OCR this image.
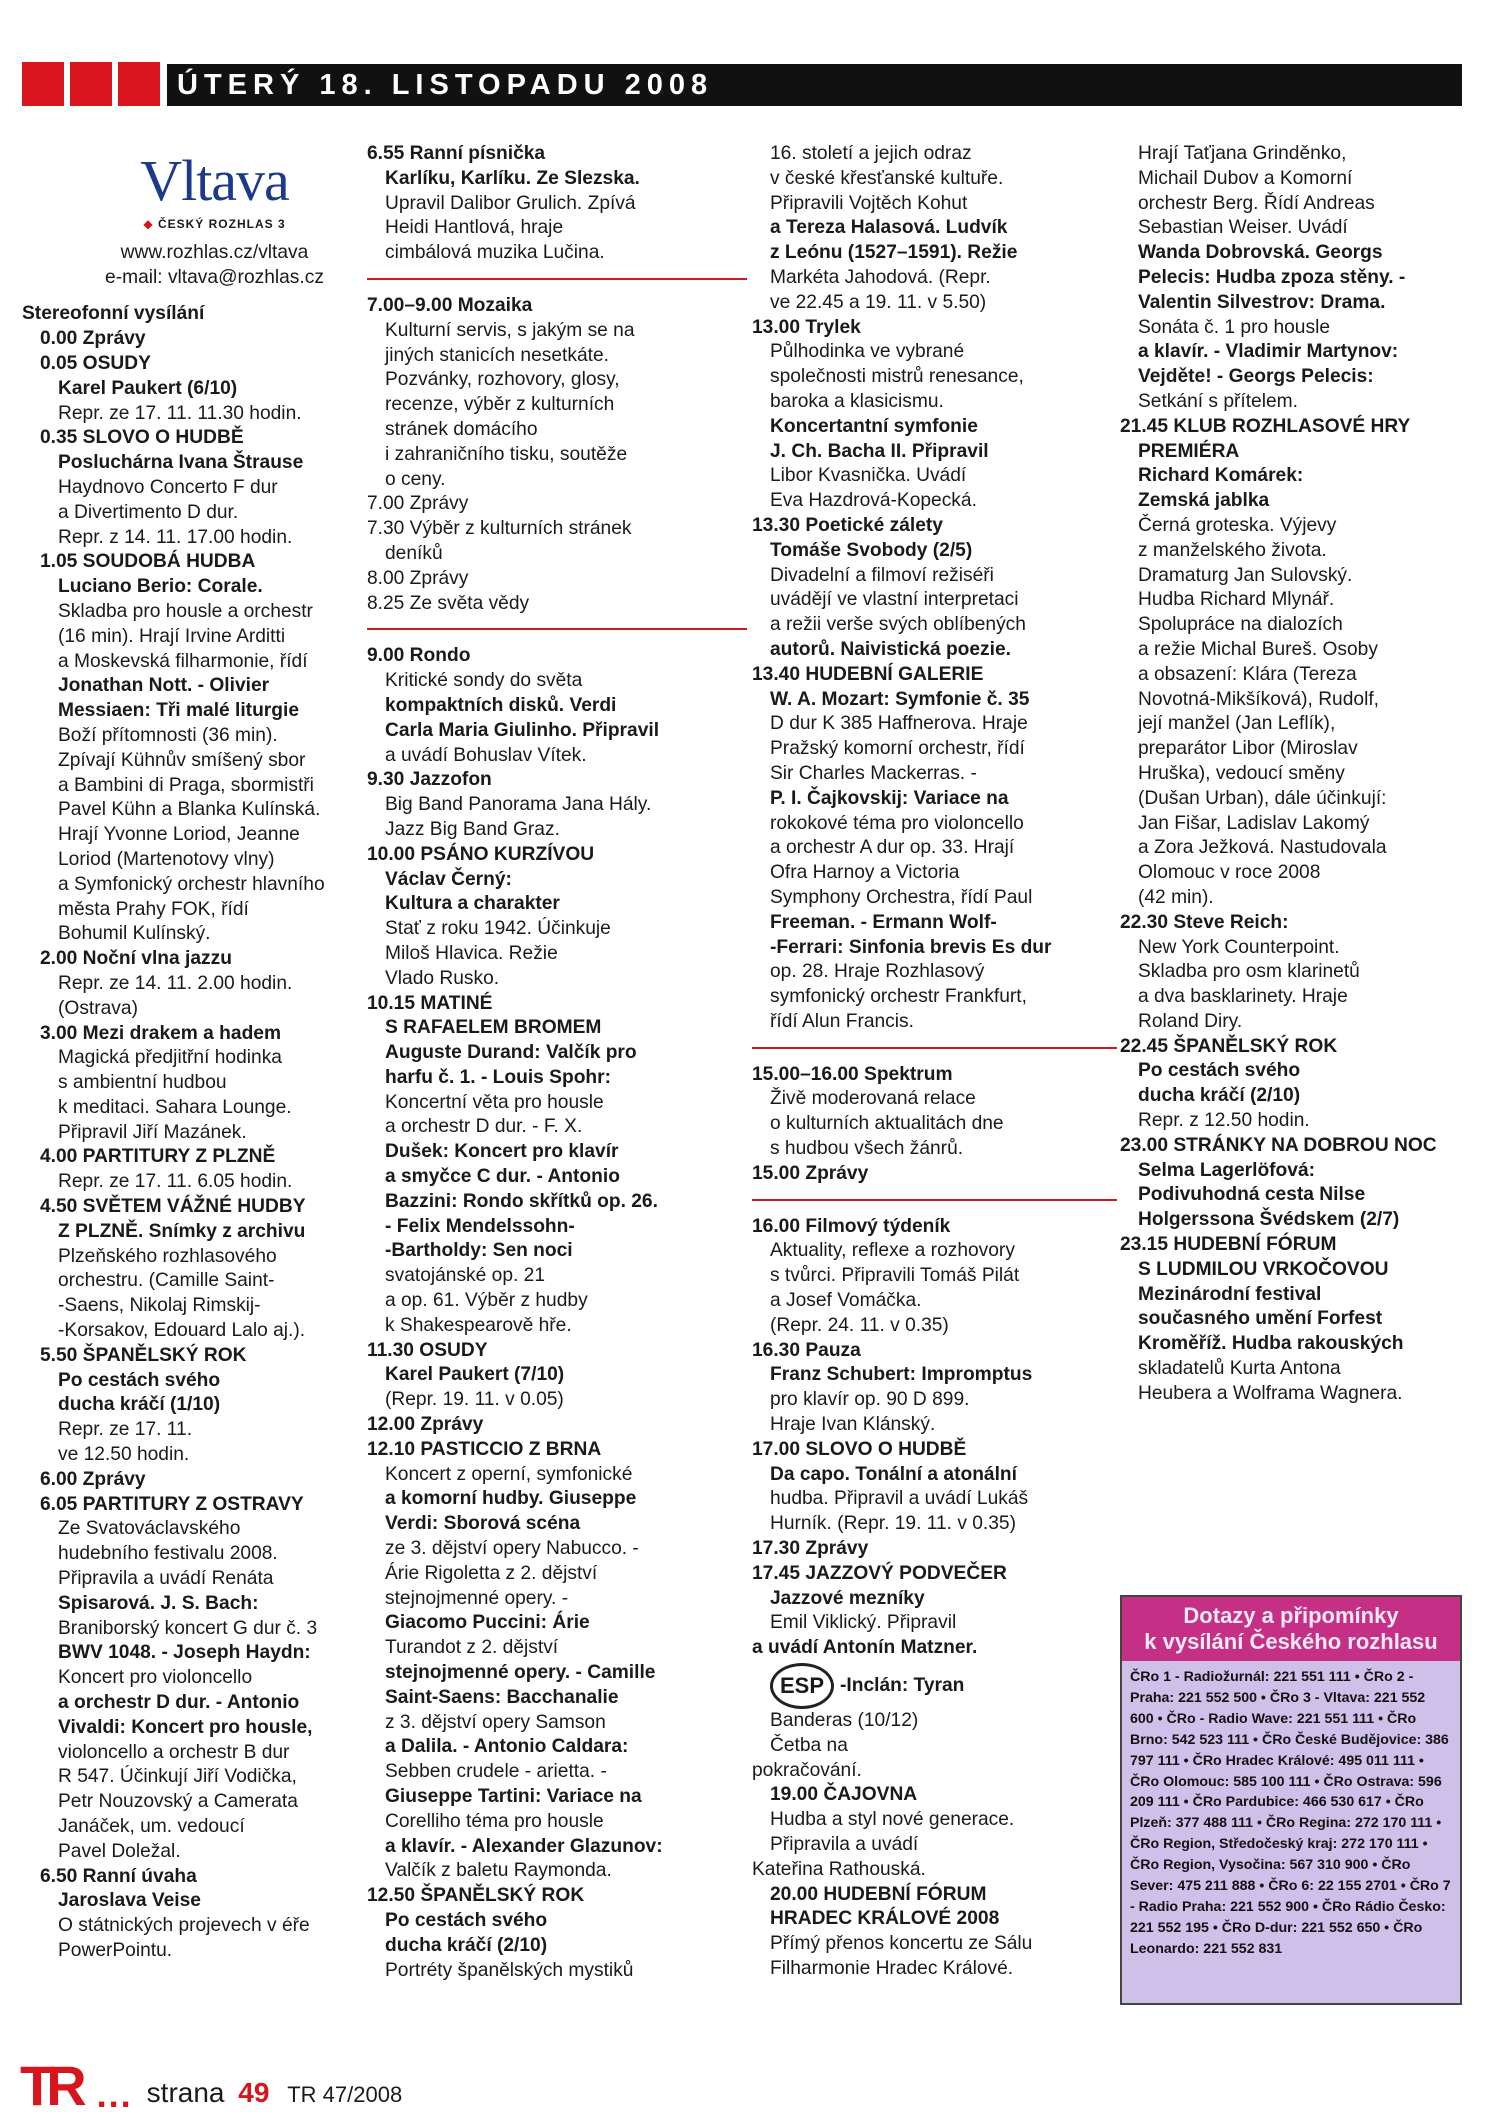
ÚTERÝ 18. LISTOPADU 2008
Vltava
◆ ČESKÝ ROZHLAS 3
www.rozhlas.cz/vltava
e-mail: vltava@rozhlas.cz
Stereofonní vysílání
0.00 Zprávy
0.05 OSUDY
Karel Paukert (6/10)
Repr. ze 17. 11. 11.30 hodin.
0.35 SLOVO O HUDBĚ
Posluchárna Ivana Štrause
Haydnovo Concerto F dur
a Divertimento D dur.
Repr. z 14. 11. 17.00 hodin.
1.05 SOUDOBÁ HUDBA
Luciano Berio: Corale.
Skladba pro housle a orchestr
(16 min). Hrají Irvine Arditti
a Moskevská filharmonie, řídí
Jonathan Nott. - Olivier
Messiaen: Tři malé liturgie
Boží přítomnosti (36 min).
Zpívají Kühnův smíšený sbor
a Bambini di Praga, sbormistři
Pavel Kühn a Blanka Kulínská.
Hrají Yvonne Loriod, Jeanne
Loriod (Martenotovy vlny)
a Symfonický orchestr hlavního
města Prahy FOK, řídí
Bohumil Kulínský.
2.00 Noční vlna jazzu
Repr. ze 14. 11. 2.00 hodin.
(Ostrava)
3.00 Mezi drakem a hadem
Magická předjitřní hodinka
s ambientní hudbou
k meditaci. Sahara Lounge.
Připravil Jiří Mazánek.
4.00 PARTITURY Z PLZNĚ
Repr. ze 17. 11. 6.05 hodin.
4.50 SVĚTEM VÁŽNÉ HUDBY
Z PLZNĚ. Snímky z archivu
Plzeňského rozhlasového
orchestru. (Camille Saint-
-Saens, Nikolaj Rimskij-
-Korsakov, Edouard Lalo aj.).
5.50 ŠPANĚLSKÝ ROK
Po cestách svého
ducha kráčí (1/10)
Repr. ze 17. 11.
ve 12.50 hodin.
6.00 Zprávy
6.05 PARTITURY Z OSTRAVY
Ze Svatováclavského
hudebního festivalu 2008.
Připravila a uvádí Renáta
Spisarová. J. S. Bach:
Braniborský koncert G dur č. 3
BWV 1048. - Joseph Haydn:
Koncert pro violoncello
a orchestr D dur. - Antonio
Vivaldi: Koncert pro housle,
violoncello a orchestr B dur
R 547. Účinkují Jiří Vodička,
Petr Nouzovský a Camerata
Janáček, um. vedoucí
Pavel Doležal.
6.50 Ranní úvaha
Jaroslava Veise
O státnických projevech v éře
PowerPointu.
6.55 Ranní písnička
Karlíku, Karlíku. Ze Slezska.
Upravil Dalibor Grulich. Zpívá
Heidi Hantlová, hraje
cimbálová muzika Lučina.
7.00–9.00 Mozaika
Kulturní servis, s jakým se na
jiných stanicích nesetkáte.
Pozvánky, rozhovory, glosy,
recenze, výběr z kulturních
stránek domácího
i zahraničního tisku, soutěže
o ceny.
7.00 Zprávy
7.30 Výběr z kulturních stránek
deníků
8.00 Zprávy
8.25 Ze světa vědy
9.00 Rondo
Kritické sondy do světa
kompaktních disků. Verdi
Carla Maria Giulinho. Připravil
a uvádí Bohuslav Vítek.
9.30 Jazzofon
Big Band Panorama Jana Hály.
Jazz Big Band Graz.
10.00 PSÁNO KURZÍVOU
Václav Černý:
Kultura a charakter
Stať z roku 1942. Účinkuje
Miloš Hlavica. Režie
Vlado Rusko.
10.15 MATINÉ
S RAFAELEM BROMEM
Auguste Durand: Valčík pro
harfu č. 1. - Louis Spohr:
Koncertní věta pro housle
a orchestr D dur. - F. X.
Dušek: Koncert pro klavír
a smyčce C dur. - Antonio
Bazzini: Rondo skřítků op. 26.
- Felix Mendelssohn-
-Bartholdy: Sen noci
svatojánské op. 21
a op. 61. Výběr z hudby
k Shakespearově hře.
11.30 OSUDY
Karel Paukert (7/10)
(Repr. 19. 11. v 0.05)
12.00 Zprávy
12.10 PASTICCIO Z BRNA
Koncert z operní, symfonické
a komorní hudby. Giuseppe
Verdi: Sborová scéna
ze 3. dějství opery Nabucco. -
Árie Rigoletta z 2. dějství
stejnojmenné opery. -
Giacomo Puccini: Árie
Turandot z 2. dějství
stejnojmenné opery. - Camille
Saint-Saens: Bacchanalie
z 3. dějství opery Samson
a Dalila. - Antonio Caldara:
Sebben crudele - arietta. -
Giuseppe Tartini: Variace na
Corelliho téma pro housle
a klavír. - Alexander Glazunov:
Valčík z baletu Raymonda.
12.50 ŠPANĚLSKÝ ROK
Po cestách svého
ducha kráčí (2/10)
Portréty španělských mystiků
16. století a jejich odraz
v české křesťanské kultuře.
Připravili Vojtěch Kohut
a Tereza Halasová. Ludvík
z Leónu (1527–1591). Režie
Markéta Jahodová. (Repr.
ve 22.45 a 19. 11. v 5.50)
13.00 Trylek
Půlhodinka ve vybrané
společnosti mistrů renesance,
baroka a klasicismu.
Koncertantní symfonie
J. Ch. Bacha II. Připravil
Libor Kvasnička. Uvádí
Eva Hazdrová-Kopecká.
13.30 Poetické zálety
Tomáše Svobody (2/5)
Divadelní a filmoví režiséři
uvádějí ve vlastní interpretaci
a režii verše svých oblíbených
autorů. Naivistická poezie.
13.40 HUDEBNÍ GALERIE
W. A. Mozart: Symfonie č. 35
D dur K 385 Haffnerova. Hraje
Pražský komorní orchestr, řídí
Sir Charles Mackerras. -
P. I. Čajkovskij: Variace na
rokokové téma pro violoncello
a orchestr A dur op. 33. Hrají
Ofra Harnoy a Victoria
Symphony Orchestra, řídí Paul
Freeman. - Ermann Wolf-
-Ferrari: Sinfonia brevis Es dur
op. 28. Hraje Rozhlasový
symfonický orchestr Frankfurt,
řídí Alun Francis.
15.00–16.00 Spektrum
Živě moderovaná relace
o kulturních aktualitách dne
s hudbou všech žánrů.
15.00 Zprávy
16.00 Filmový týdeník
Aktuality, reflexe a rozhovory
s tvůrci. Připravili Tomáš Pilát
a Josef Vomáčka.
(Repr. 24. 11. v 0.35)
16.30 Pauza
Franz Schubert: Impromptus
pro klavír op. 90 D 899.
Hraje Ivan Klánský.
17.00 SLOVO O HUDBĚ
Da capo. Tonální a atonální
hudba. Připravil a uvádí Lukáš
Hurník. (Repr. 19. 11. v 0.35)
17.30 Zprávy
17.45 JAZZOVÝ PODVEČER
Jazzové mezníky
Emil Viklický. Připravil
a uvádí Antonín Matzner.
ESP -Inclán: Tyran
Banderas (10/12)
Četba na
pokračování.
19.00 ČAJOVNA
Hudba a styl nové generace.
Připravila a uvádí
Kateřina Rathouská.
20.00 HUDEBNÍ FÓRUM
HRADEC KRÁLOVÉ 2008
Přímý přenos koncertu ze Sálu
Filharmonie Hradec Králové.
Hrají Taťjana Grinděnko,
Michail Dubov a Komorní
orchestr Berg. Řídí Andreas
Sebastian Weiser. Uvádí
Wanda Dobrovská. Georgs
Pelecis: Hudba zpoza stěny. -
Valentin Silvestrov: Drama.
Sonáta č. 1 pro housle
a klavír. - Vladimir Martynov:
Vejděte! - Georgs Pelecis:
Setkání s přítelem.
21.45 KLUB ROZHLASOVÉ HRY
PREMIÉRA
Richard Komárek:
Zemská jablka
Černá groteska. Výjevy
z manželského života.
Dramaturg Jan Sulovský.
Hudba Richard Mlynář.
Spolupráce na dialozích
a režie Michal Bureš. Osoby
a obsazení: Klára (Tereza
Novotná-Mikšíková), Rudolf,
její manžel (Jan Leflík),
preparátor Libor (Miroslav
Hruška), vedoucí směny
(Dušan Urban), dále účinkují:
Jan Fišar, Ladislav Lakomý
a Zora Ježková. Nastudovala
Olomouc v roce 2008
(42 min).
22.30 Steve Reich:
New York Counterpoint.
Skladba pro osm klarinetů
a dva basklarinety. Hraje
Roland Diry.
22.45 ŠPANĚLSKÝ ROK
Po cestách svého
ducha kráčí (2/10)
Repr. z 12.50 hodin.
23.00 STRÁNKY NA DOBROU NOC
Selma Lagerlöfová:
Podivuhodná cesta Nilse
Holgerssona Švédskem (2/7)
23.15 HUDEBNÍ FÓRUM
S LUDMILOU VRKOČOVOU
Mezinárodní festival
současného umění Forfest
Kroměříž. Hudba rakouských
skladatelů Kurta Antona
Heubera a Wolframa Wagnera.
Dotazy a připomínky
k vysílání Českého rozhlasu
ČRo 1 - Radiožurnál: 221 551 111 • ČRo 2 - Praha: 221 552 500 • ČRo 3 - Vltava: 221 552 600 • ČRo - Radio Wave: 221 551 111 • ČRo Brno: 542 523 111 • ČRo České Budějovice: 386 797 111 • ČRo Hradec Králové: 495 011 111 • ČRo Olomouc: 585 100 111 • ČRo Ostrava: 596 209 111 • ČRo Pardubice: 466 530 617 • ČRo Plzeň: 377 488 111 • ČRo Regina: 272 170 111 • ČRo Region, Středočeský kraj: 272 170 111 • ČRo Region, Vysočina: 567 310 900 • ČRo Sever: 475 211 888 • ČRo 6: 22 155 2701 • ČRo 7 - Radio Praha: 221 552 900 • ČRo Rádio Česko: 221 552 195 • ČRo D-dur: 221 552 650 • ČRo Leonardo: 221 552 831
TR ... strana 49 TR 47/2008
